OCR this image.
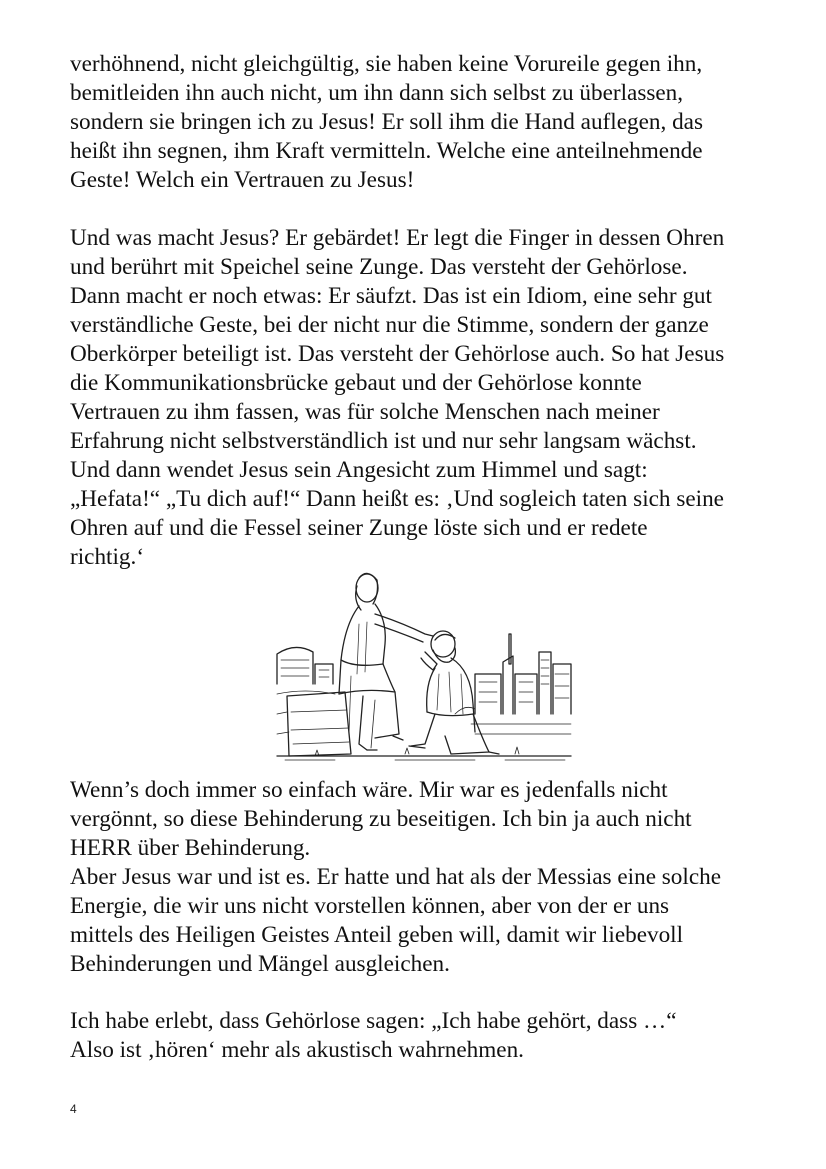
verhöhnend, nicht gleichgültig, sie haben keine Vorureile gegen ihn,
bemitleiden ihn auch nicht, um ihn dann sich selbst zu überlassen,
sondern sie bringen ich zu Jesus! Er soll ihm die Hand auflegen, das
heißt ihn segnen, ihm Kraft vermitteln. Welche eine anteilnehmende
Geste! Welch ein Vertrauen zu Jesus!

Und was macht Jesus? Er gebärdet! Er legt die Finger in dessen Ohren
und berührt mit Speichel seine Zunge. Das versteht der Gehörlose.
Dann macht er noch etwas: Er säufzt. Das ist ein Idiom, eine sehr gut
verständliche Geste, bei der nicht nur die Stimme, sondern der ganze
Oberkörper beteiligt ist. Das versteht der Gehörlose auch. So hat Jesus
die Kommunikationsbrücke gebaut und der Gehörlose konnte
Vertrauen zu ihm fassen, was für solche Menschen nach meiner
Erfahrung nicht selbstverständlich ist und nur sehr langsam wächst.
Und dann wendet Jesus sein Angesicht zum Himmel und sagt:
„Hefata!“ „Tu dich auf!“ Dann heißt es: ‚Und sogleich taten sich seine
Ohren auf und die Fessel seiner Zunge löste sich und er redete
richtig.‘

Wenn’s doch immer so einfach wäre. Mir war es jedenfalls nicht
vergönnt, so diese Behinderung zu beseitigen. Ich bin ja auch nicht
HERR über Behinderung.
Aber Jesus war und ist es. Er hatte und hat als der Messias eine solche
Energie, die wir uns nicht vorstellen können, aber von der er uns
mittels des Heiligen Geistes Anteil geben will, damit wir liebevoll
Behinderungen und Mängel ausgleichen.

Ich habe erlebt, dass Gehörlose sagen: „Ich habe gehört, dass …“
Also ist ‚hören‘ mehr als akustisch wahrnehmen.

4
